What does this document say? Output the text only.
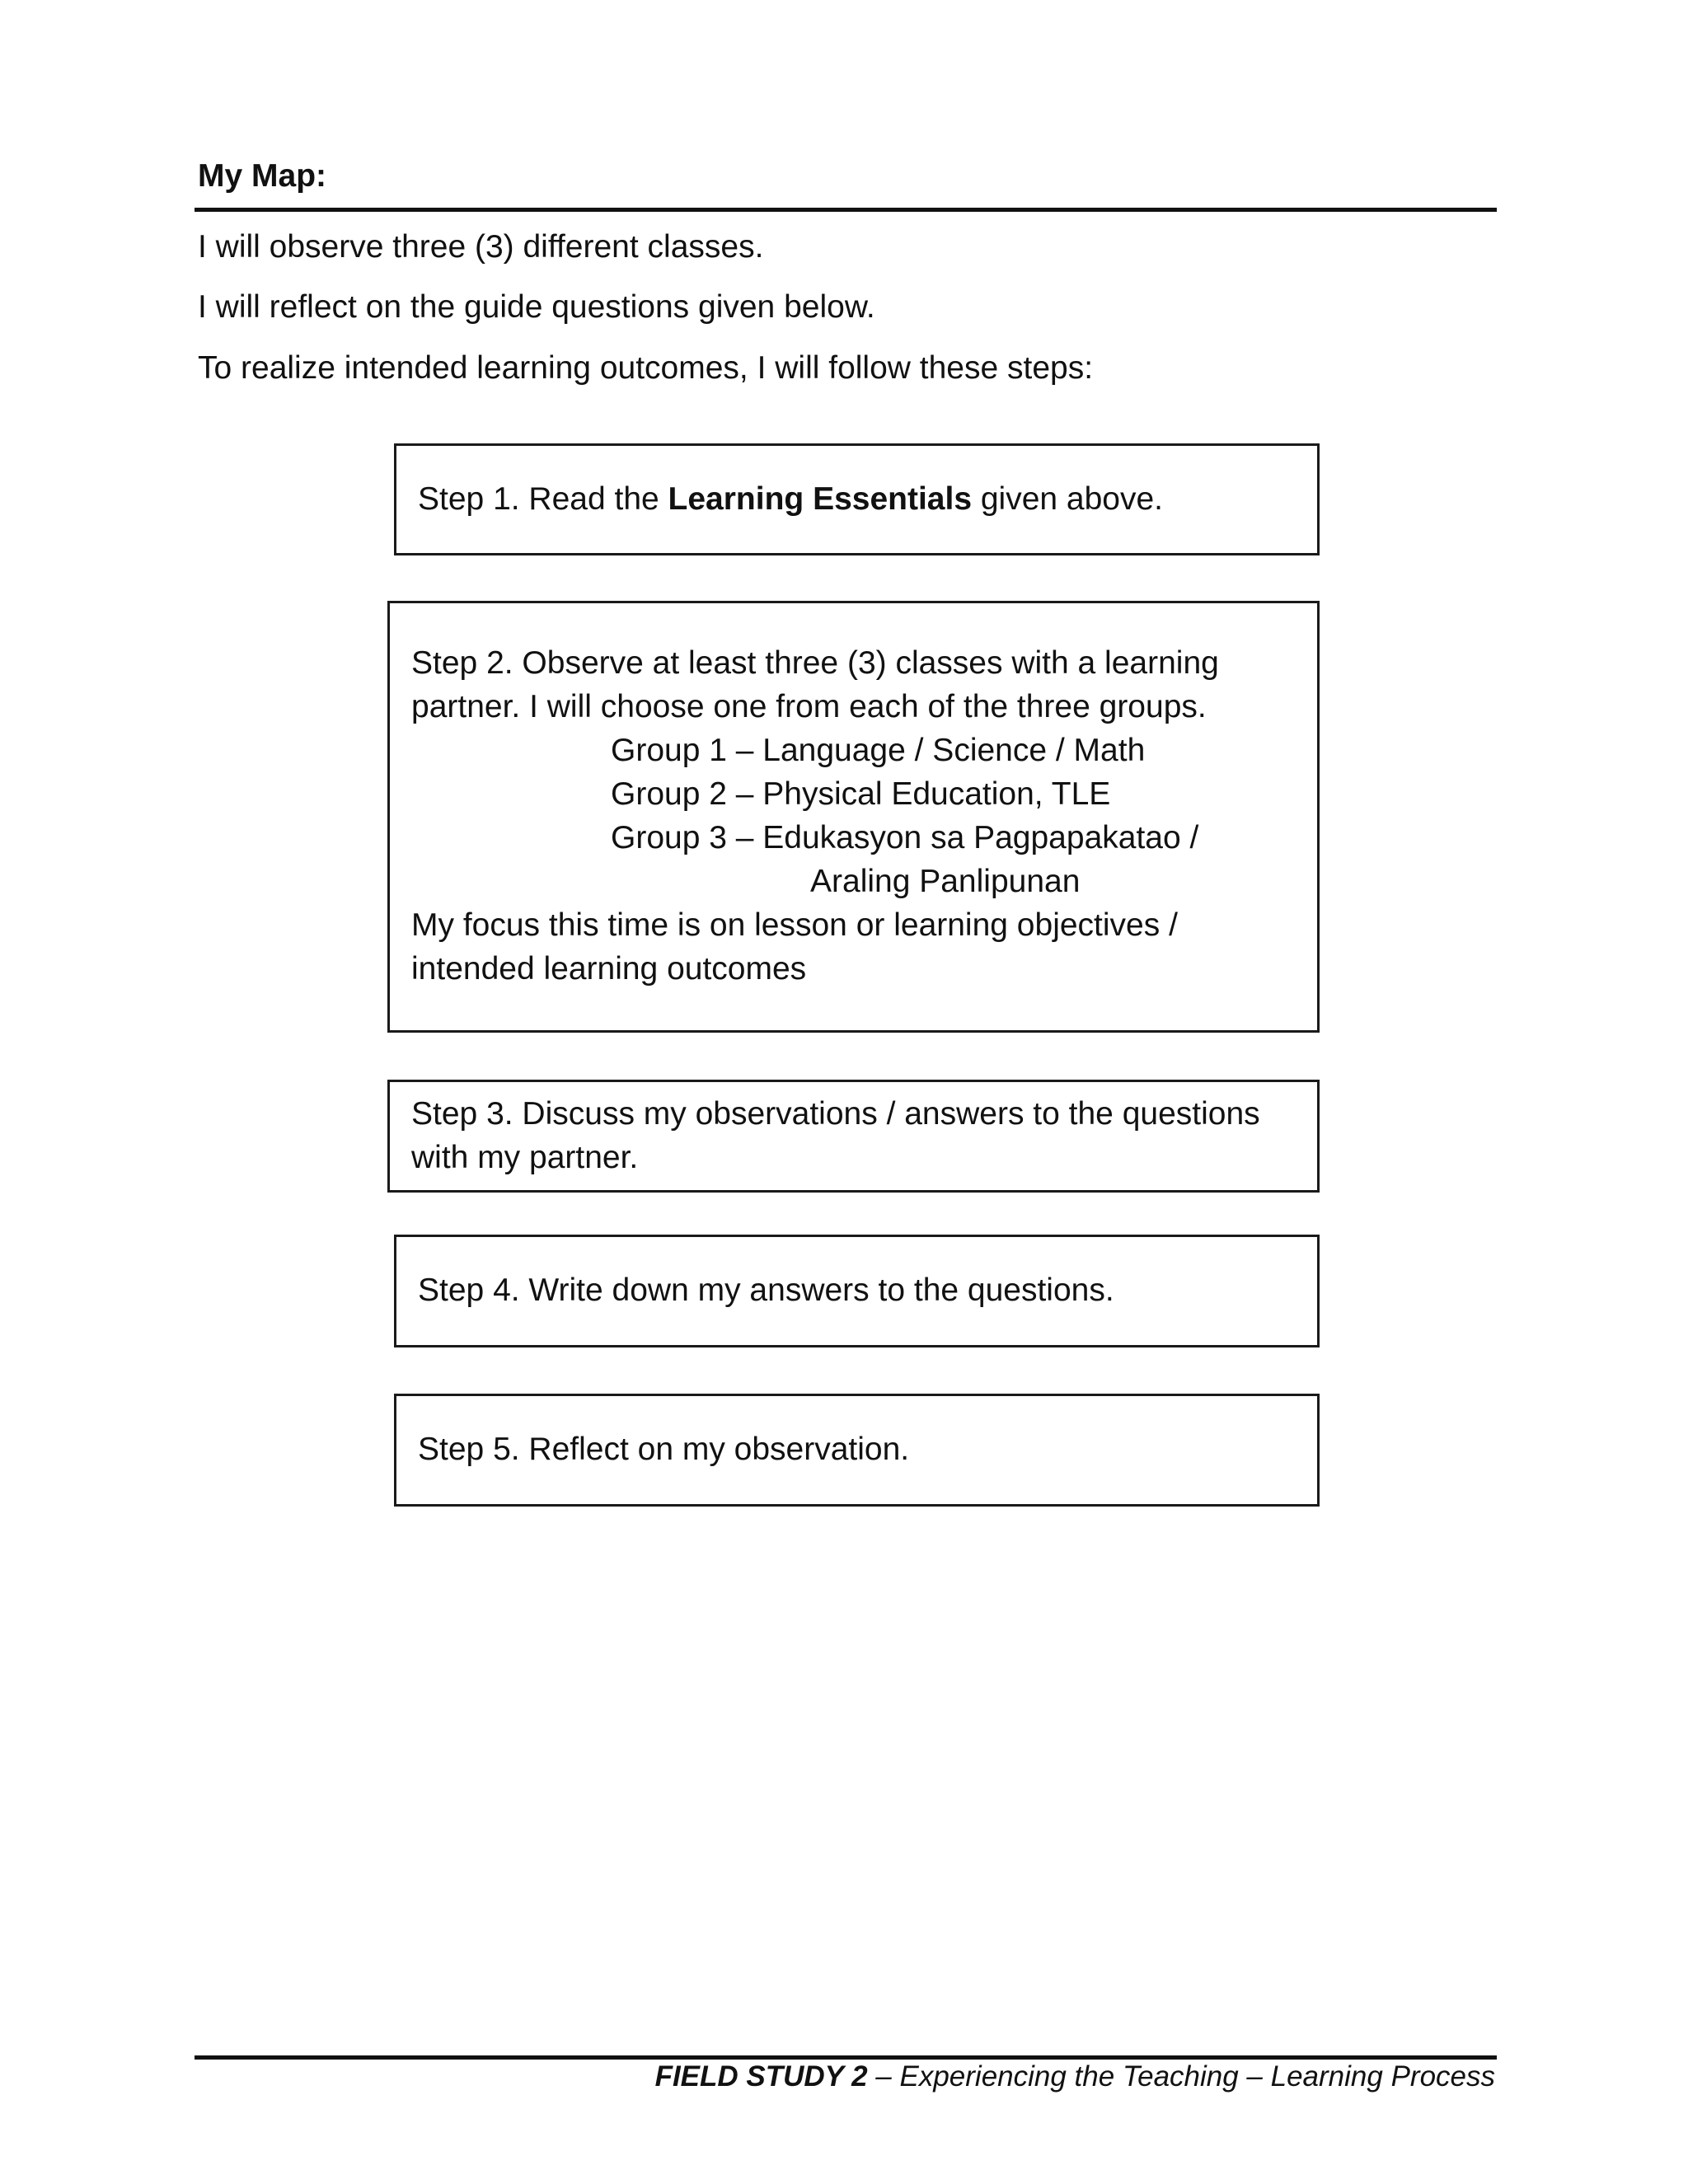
My Map:

I will observe three (3) different classes.

I will reflect on the guide questions given below.

To realize intended learning outcomes, I will follow these steps:

Step 1. Read the Learning Essentials given above.
Step 2. Observe at least three (3) classes with a learning
partner. I will choose one from each of the three groups.
Group 1 – Language / Science / Math
Group 2 – Physical Education, TLE
Group 3 – Edukasyon sa Pagpapakatao /
Araling Panlipunan
My focus this time is on lesson or learning objectives /
intended learning outcomes
Step 3. Discuss my observations / answers to the questions
with my partner.
Step 4. Write down my answers to the questions.
Step 5. Reflect on my observation.
FIELD STUDY 2 – Experiencing the Teaching – Learning Process
